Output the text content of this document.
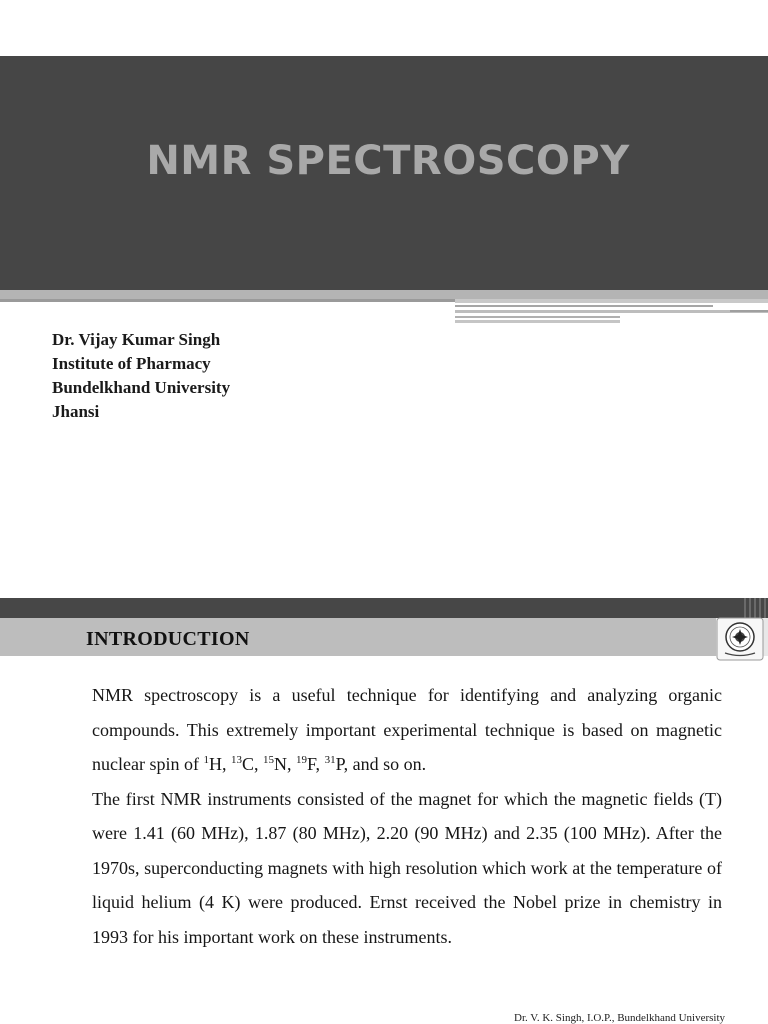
NMR SPECTROSCOPY
Dr. Vijay Kumar Singh
Institute of Pharmacy
Bundelkhand University
Jhansi
INTRODUCTION

NMR spectroscopy is a useful technique for identifying and analyzing organic compounds. This extremely important experimental technique is based on magnetic nuclear spin of $^1$H, $^{13}$C, $^{15}$N, $^{19}$F, $^{31}$P, and so on.

The first NMR instruments consisted of the magnet for which the magnetic fields (T) were 1.41 (60 MHz), 1.87 (80 MHz), 2.20 (90 MHz) and 2.35 (100 MHz). After the 1970s, superconducting magnets with high resolution which work at the temperature of liquid helium (4 K) were produced. Ernst received the Nobel prize in chemistry in 1993 for his important work on these instruments.

Dr. V. K. Singh, I.O.P., Bundelkhand University
